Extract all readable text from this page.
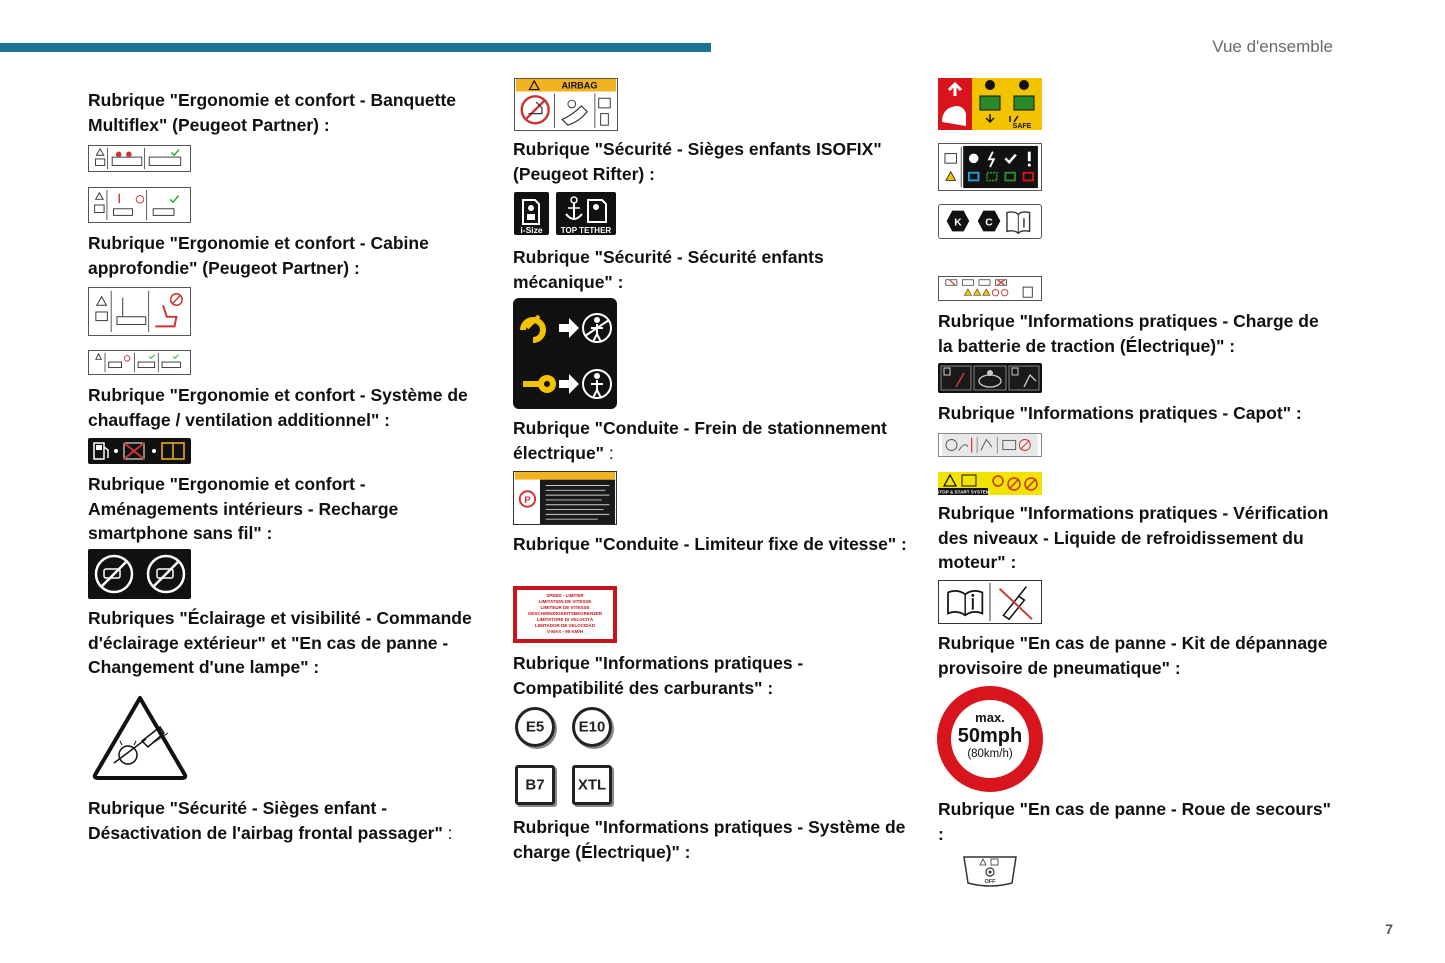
Vue d'ensemble
Rubrique "Ergonomie et confort - Banquette Multiflex" (Peugeot Partner) :
Rubrique "Ergonomie et confort - Cabine approfondie" (Peugeot Partner) :
Rubrique "Ergonomie et confort - Système de chauffage / ventilation additionnel" :
Rubrique "Ergonomie et confort - Aménagements intérieurs - Recharge smartphone sans fil" :
Rubriques "Éclairage et visibilité - Commande d'éclairage extérieur" et "En cas de panne - Changement d'une lampe" :
Rubrique "Sécurité - Sièges enfant - Désactivation de l'airbag frontal passager" :
AIRBAG
Rubrique "Sécurité - Sièges enfants ISOFIX" (Peugeot Rifter) :
i-Size TOP TETHER
Rubrique "Sécurité - Sécurité enfants mécanique" :
Rubrique "Conduite - Frein de stationnement électrique" :
P
Rubrique "Conduite - Limiteur fixe de vitesse" :
SPEED - LIMITER
LIMITATION DE VITESSE
LIMITEUR DE VITESSE
GESCHWINDIGKEITSBEGRENZER
LIMITATORE DI VELOCITÀ
LIMITADOR DE VELOCIDAD
V-MAX - 90 KM/H
Rubrique "Informations pratiques - Compatibilité des carburants" :
E5	E10
B7	XTL
Rubrique "Informations pratiques - Système de charge (Électrique)" :
SAFE
K C
Rubrique "Informations pratiques - Charge de la batterie de traction (Électrique)" :
Rubrique "Informations pratiques - Capot" :
STOP & START SYSTEM
Rubrique "Informations pratiques - Vérification des niveaux - Liquide de refroidissement du moteur" :
Rubrique "En cas de panne - Kit de dépannage provisoire de pneumatique" :
max.
50mph
(80km/h)
Rubrique "En cas de panne - Roue de secours" :
OFF
7
